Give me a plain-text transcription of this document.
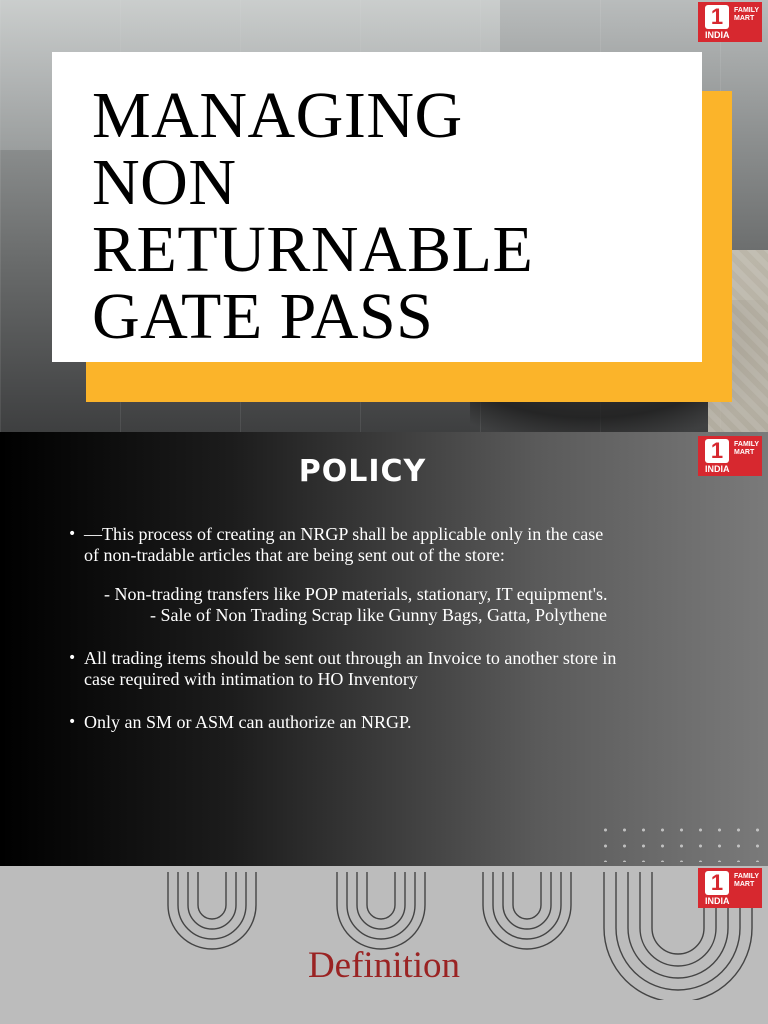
MANAGING
NON
RETURNABLE
GATE PASS
1	FAMILY
MART
INDIA
POLICY
• —This process of creating an NRGP shall be applicable only in the case
of non-tradable articles that are being sent out of the store:
- Non-trading transfers like POP materials, stationary, IT equipment's.
- Sale of Non Trading Scrap like Gunny Bags, Gatta, Polythene
• All trading items should be sent out through an Invoice to another store in
case required with intimation to HO Inventory
• Only an SM or ASM can authorize an NRGP.
1	FAMILY
MART
INDIA
Definition
1	FAMILY
MART
INDIA
